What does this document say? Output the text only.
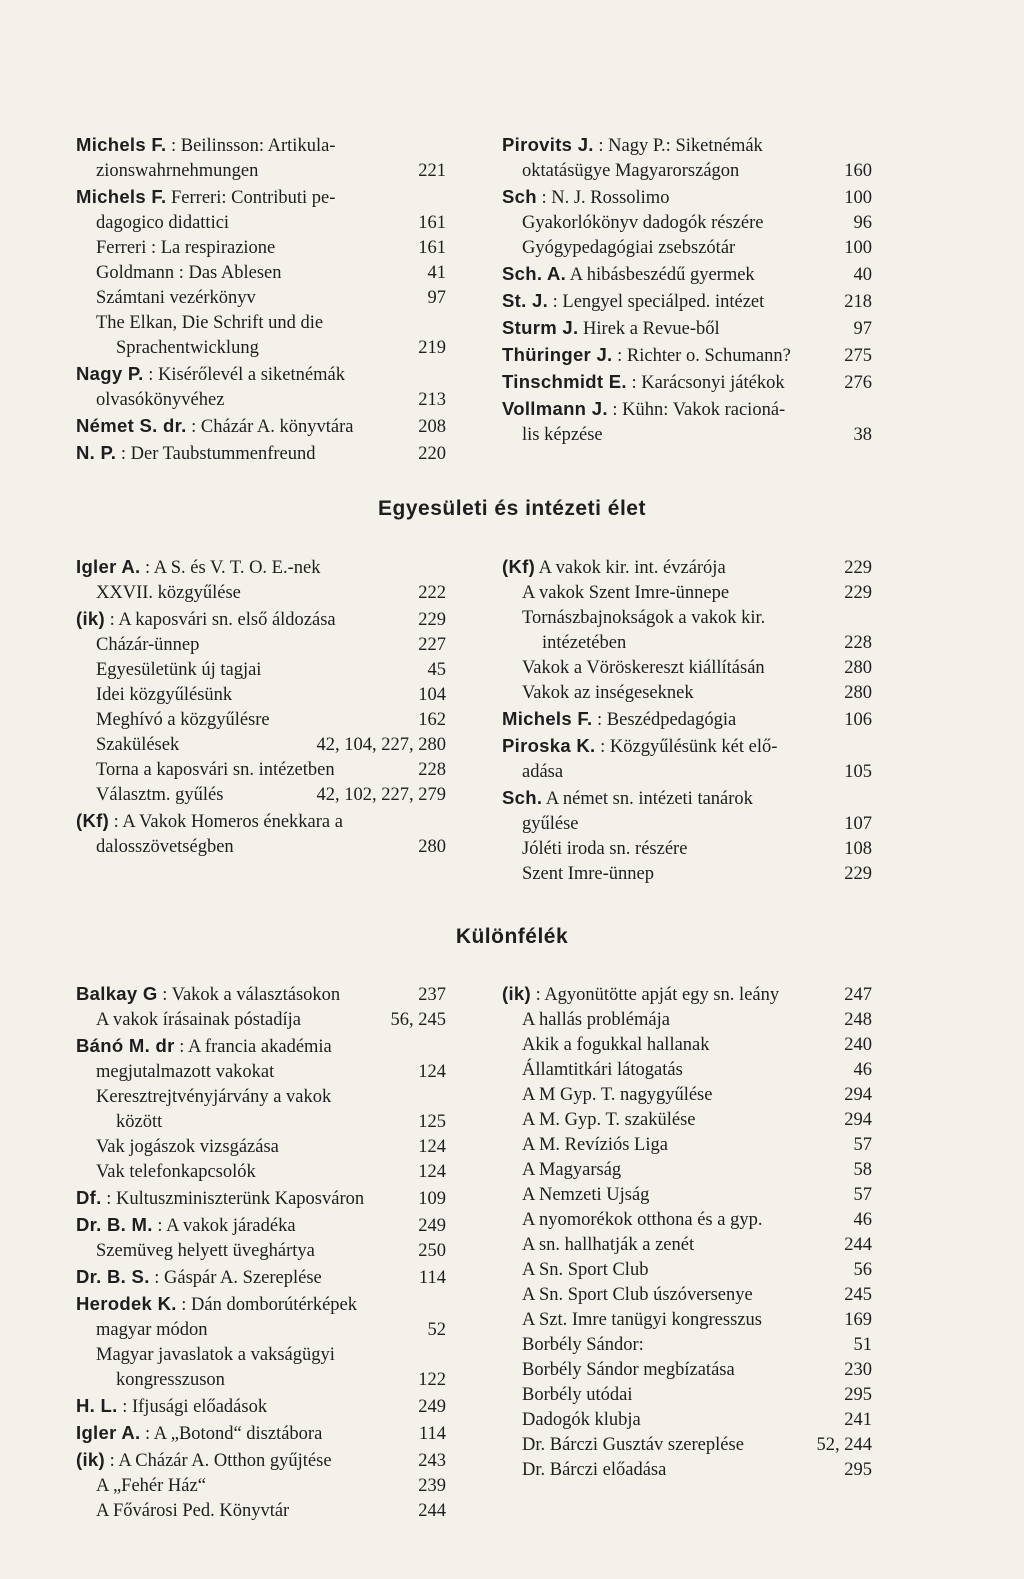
Michels F. : Beilinsson: Artikula-
zionswahrnehmungen	221
Michels F. Ferreri: Contributi pe-
dagogico didattici	161
Ferreri : La respirazione	161
Goldmann : Das Ablesen	41
Számtani vezérkönyv	97
The Elkan, Die Schrift und die
Sprachentwicklung	219
Nagy P. : Kisérőlevél a siketnémák
olvasókönyvéhez	213
Német S. dr. : Cházár A. könyvtára	208
N. P. : Der Taubstummenfreund	220
Pirovits J. : Nagy P.: Siketnémák
oktatásügye Magyarországon	160
Sch : N. J. Rossolimo	100
Gyakorlókönyv dadogók részére	96
Gyógypedagógiai zsebszótár	100
Sch. A. A hibásbeszédű gyermek	40
St. J. : Lengyel speciálped. intézet	218
Sturm J. Hirek a Revue-ből	97
Thüringer J. : Richter o. Schumann?	275
Tinschmidt E. : Karácsonyi játékok	276
Vollmann J. : Kühn: Vakok racioná-
lis képzése	38
Egyesületi és intézeti élet
Igler A. : A S. és V. T. O. E.-nek
XXVII. közgyűlése	222
(ik) : A kaposvári sn. első áldozása	229
Cházár-ünnep	227
Egyesületünk új tagjai	45
Idei közgyűlésünk	104
Meghívó a közgyűlésre	162
Szakülések	42, 104, 227, 280
Torna a kaposvári sn. intézetben	228
Választm. gyűlés	42, 102, 227, 279
(Kf) : A Vakok Homeros énekkara a
dalosszövetségben	280
(Kf) A vakok kir. int. évzárója	229
A vakok Szent Imre-ünnepe	229
Tornászbajnokságok a vakok kir.
intézetében	228
Vakok a Vöröskereszt kiállításán	280
Vakok az inségeseknek	280
Michels F. : Beszédpedagógia	106
Piroska K. : Közgyűlésünk két elő-
adása	105
Sch. A német sn. intézeti tanárok
gyűlése	107
Jóléti iroda sn. részére	108
Szent Imre-ünnep	229
Különfélék
Balkay G : Vakok a választásokon	237
A vakok írásainak póstadíja	56, 245
Bánó M. dr : A francia akadémia
megjutalmazott vakokat	124
Keresztrejtvényjárvány a vakok
között	125
Vak jogászok vizsgázása	124
Vak telefonkapcsolók	124
Df. : Kultuszminiszterünk Kaposváron	109
Dr. B. M. : A vakok járadéka	249
Szemüveg helyett üveghártya	250
Dr. B. S. : Gáspár A. Szereplése	114
Herodek K. : Dán domborútérképek
magyar módon	52
Magyar javaslatok a vakságügyi
kongresszuson	122
H. L. : Ifjusági előadások	249
Igler A. : A „Botond“ disztábora	114
(ik) : A Cházár A. Otthon gyűjtése	243
A „Fehér Ház“	239
A Fővárosi Ped. Könyvtár	244
(ik) : Agyonütötte apját egy sn. leány	247
A hallás problémája	248
Akik a fogukkal hallanak	240
Államtitkári látogatás	46
A M Gyp. T. nagygyűlése	294
A M. Gyp. T. szakülése	294
A M. Revíziós Liga	57
A Magyarság	58
A Nemzeti Ujság	57
A nyomorékok otthona és a gyp.	46
A sn. hallhatják a zenét	244
A Sn. Sport Club	56
A Sn. Sport Club úszóversenye	245
A Szt. Imre tanügyi kongresszus	169
Borbély Sándor:	51
Borbély Sándor megbízatása	230
Borbély utódai	295
Dadogók klubja	241
Dr. Bárczi Gusztáv szereplése	52, 244
Dr. Bárczi előadása	295
